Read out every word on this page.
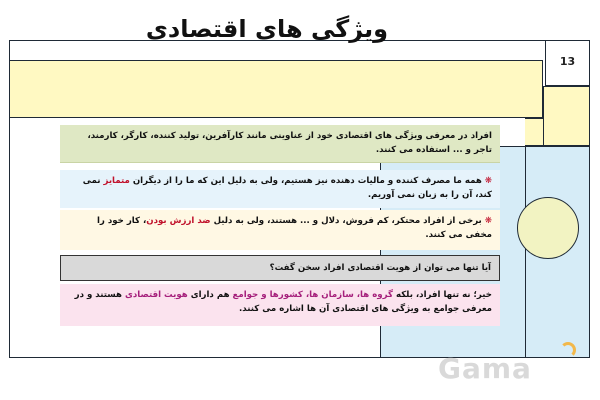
ویژگی های اقتصادی
13

افراد در معرفی ویژگی های اقتصادی خود از عناوینی مانند کارآفرین، تولید کننده، کارگر، کارمند، تاجر و ... استفاده می کنند.

❋ همه ما مصرف کننده و مالیات دهنده نیز هستیم، ولی به دلیل این که ما را از دیگران متمایز نمی کند، آن را به زبان نمی آوریم.

❋ برخی از افراد محتکر، کم فروش، دلال و ... هستند، ولی به دلیل ضد ارزش بودن، کار خود را مخفی می کنند.

آیا تنها می توان از هویت اقتصادی افراد سخن گفت؟

خیر؛ نه تنها افراد، بلکه گروه ها، سازمان ها، کشورها و جوامع هم دارای هویت اقتصادی هستند و در معرفی جوامع به ویژگی های اقتصادی آن ها اشاره می کنند.

Gama
